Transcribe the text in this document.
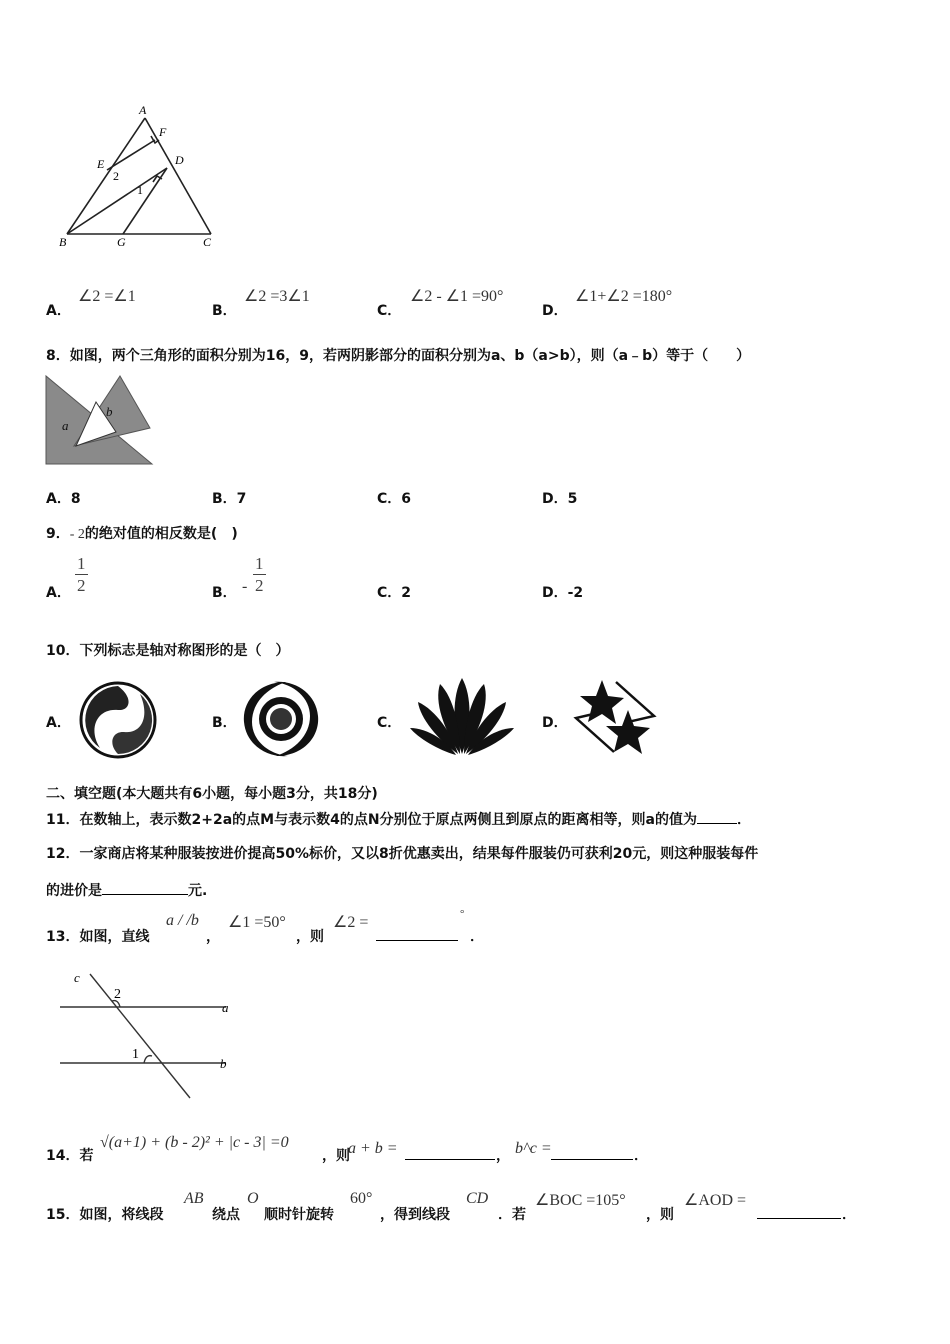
A
F
E	D
2
1
B	G	C
A．
∠2 =∠1
B．
∠2 =3∠1
C．
∠2 - ∠1 =90°
D．
∠1+∠2 =180°
8．如图，两个三角形的面积分别为16，9，若两阴影部分的面积分别为a、b（a>b），则（a﹣b）等于（　　）
a
b
A．8	B．7	C．6	D．5
9．- 2的绝对值的相反数是(　)
A． $\frac{1}{2}$	B． - $\frac{1}{2}$	C．2	D．-2
10．下列标志是轴对称图形的是（　）
A．	B．	C．	D．
二、填空题(本大题共有6小题，每小题3分，共18分)
11．在数轴上，表示数2+2a的点M与表示数4的点N分别位于原点两侧且到原点的距离相等，则a的值为	．
12．一家商店将某种服装按进价提高50%标价，又以8折优惠卖出，结果每件服装仍可获利20元，则这种服装每件
的进价是	元.
13．如图，直线
a / /b
，
∠1 =50°
，则
∠2 =	°
．
c
2
a
1
b
14．若
√(a+1) + (b - 2)² + |c - 3| =0
，则
a + b =	， b^c =	．
15．如图，将线段
AB
绕点
O
顺时针旋转
60°
，得到线段
CD
．若
∠BOC =105°
，则
∠AOD =
．
